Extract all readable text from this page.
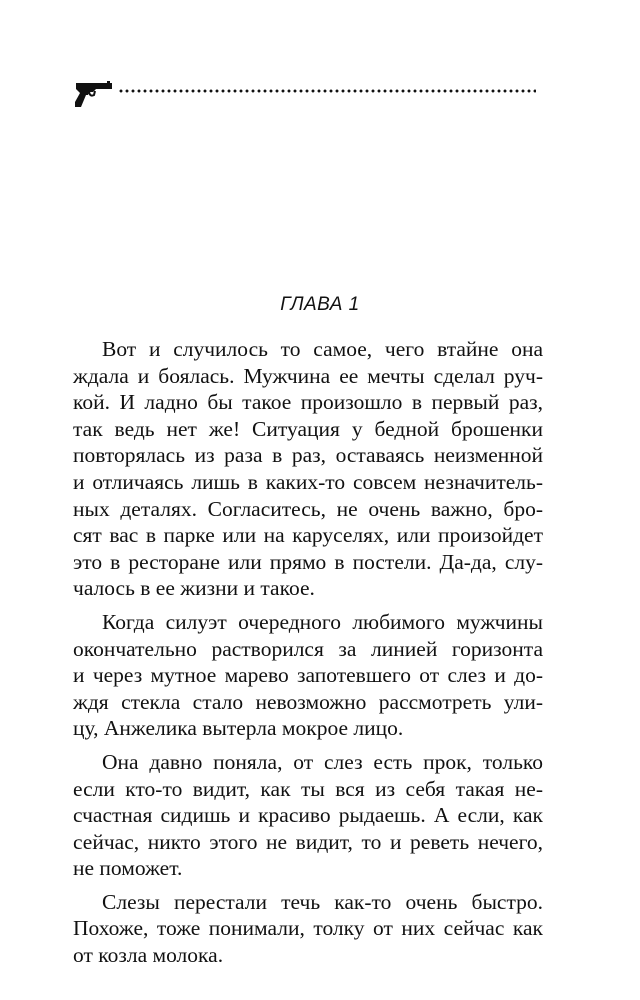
ГЛАВА 1
Вот и случилось то самое, чего втайне она
ждала и боялась. Мужчина ее мечты сделал руч-
кой. И ладно бы такое произошло в первый раз,
так ведь нет же! Ситуация у бедной брошенки
повторялась из раза в раз, оставаясь неизменной
и отличаясь лишь в каких-то совсем незначитель-
ных деталях. Согласитесь, не очень важно, бро-
сят вас в парке или на каруселях, или произойдет
это в ресторане или прямо в постели. Да-да, слу-
чалось в ее жизни и такое.
Когда силуэт очередного любимого мужчины
окончательно растворился за линией горизонта
и через мутное марево запотевшего от слез и до-
ждя стекла стало невозможно рассмотреть ули-
цу, Анжелика вытерла мокрое лицо.
Она давно поняла, от слез есть прок, только
если кто-то видит, как ты вся из себя такая не-
счастная сидишь и красиво рыдаешь. А если, как
сейчас, никто этого не видит, то и реветь нечего,
не поможет.
Слезы перестали течь как-то очень быстро.
Похоже, тоже понимали, толку от них сейчас как
от козла молока.
